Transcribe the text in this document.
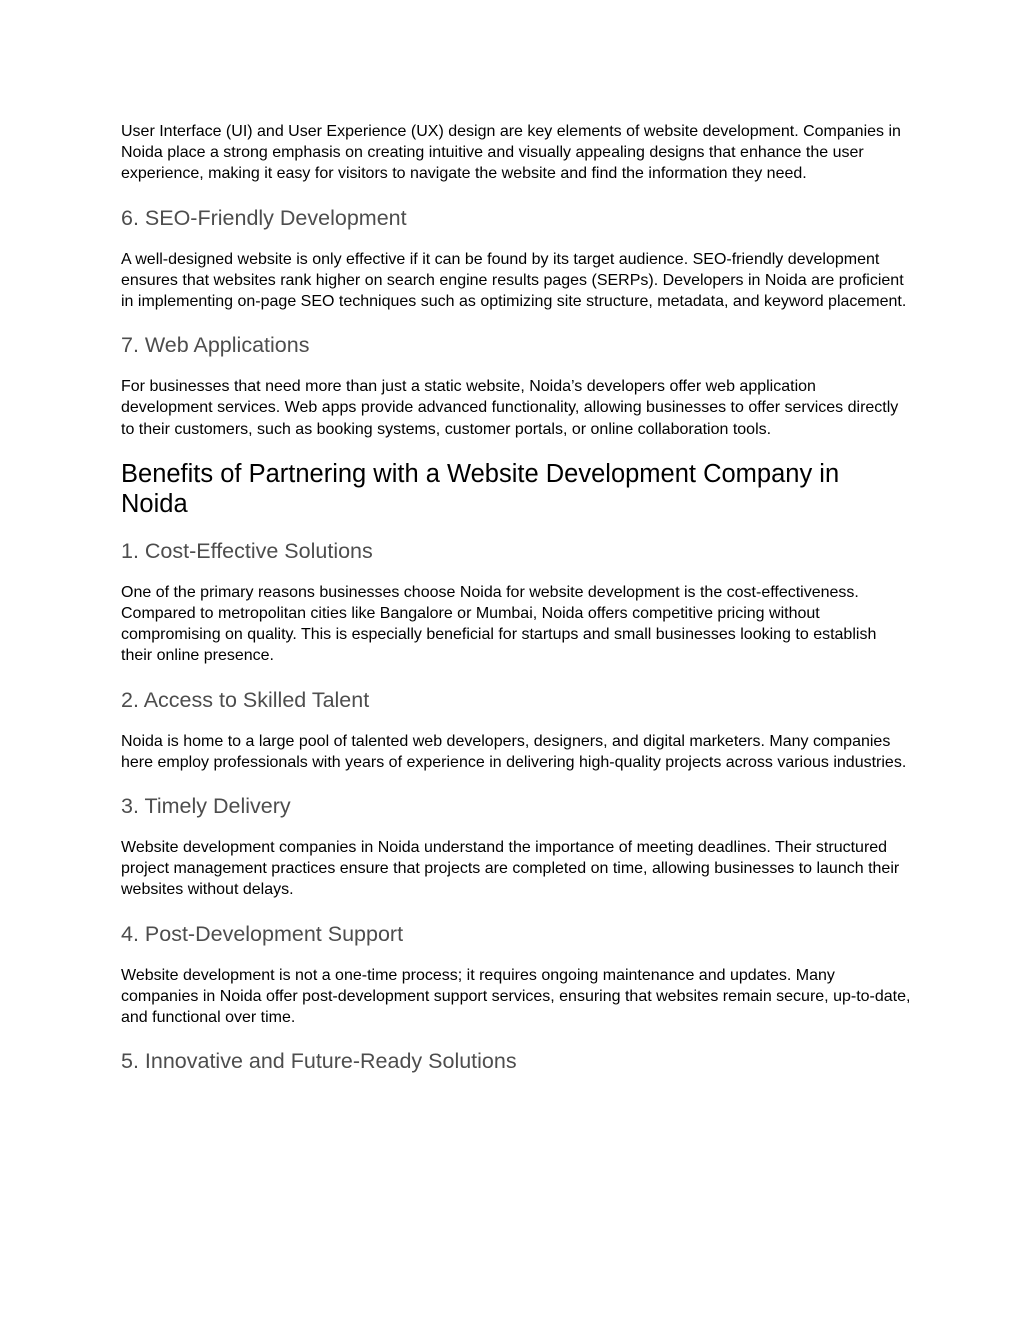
User Interface (UI) and User Experience (UX) design are key elements of website development. Companies in Noida place a strong emphasis on creating intuitive and visually appealing designs that enhance the user experience, making it easy for visitors to navigate the website and find the information they need.

6. SEO-Friendly Development

A well-designed website is only effective if it can be found by its target audience. SEO-friendly development ensures that websites rank higher on search engine results pages (SERPs). Developers in Noida are proficient in implementing on-page SEO techniques such as optimizing site structure, metadata, and keyword placement.

7. Web Applications

For businesses that need more than just a static website, Noida’s developers offer web application development services. Web apps provide advanced functionality, allowing businesses to offer services directly to their customers, such as booking systems, customer portals, or online collaboration tools.

Benefits of Partnering with a Website Development Company in Noida
1. Cost-Effective Solutions

One of the primary reasons businesses choose Noida for website development is the cost-effectiveness. Compared to metropolitan cities like Bangalore or Mumbai, Noida offers competitive pricing without compromising on quality. This is especially beneficial for startups and small businesses looking to establish their online presence.

2. Access to Skilled Talent

Noida is home to a large pool of talented web developers, designers, and digital marketers. Many companies here employ professionals with years of experience in delivering high-quality projects across various industries.

3. Timely Delivery

Website development companies in Noida understand the importance of meeting deadlines. Their structured project management practices ensure that projects are completed on time, allowing businesses to launch their websites without delays.

4. Post-Development Support

Website development is not a one-time process; it requires ongoing maintenance and updates. Many companies in Noida offer post-development support services, ensuring that websites remain secure, up-to-date, and functional over time.

5. Innovative and Future-Ready Solutions
